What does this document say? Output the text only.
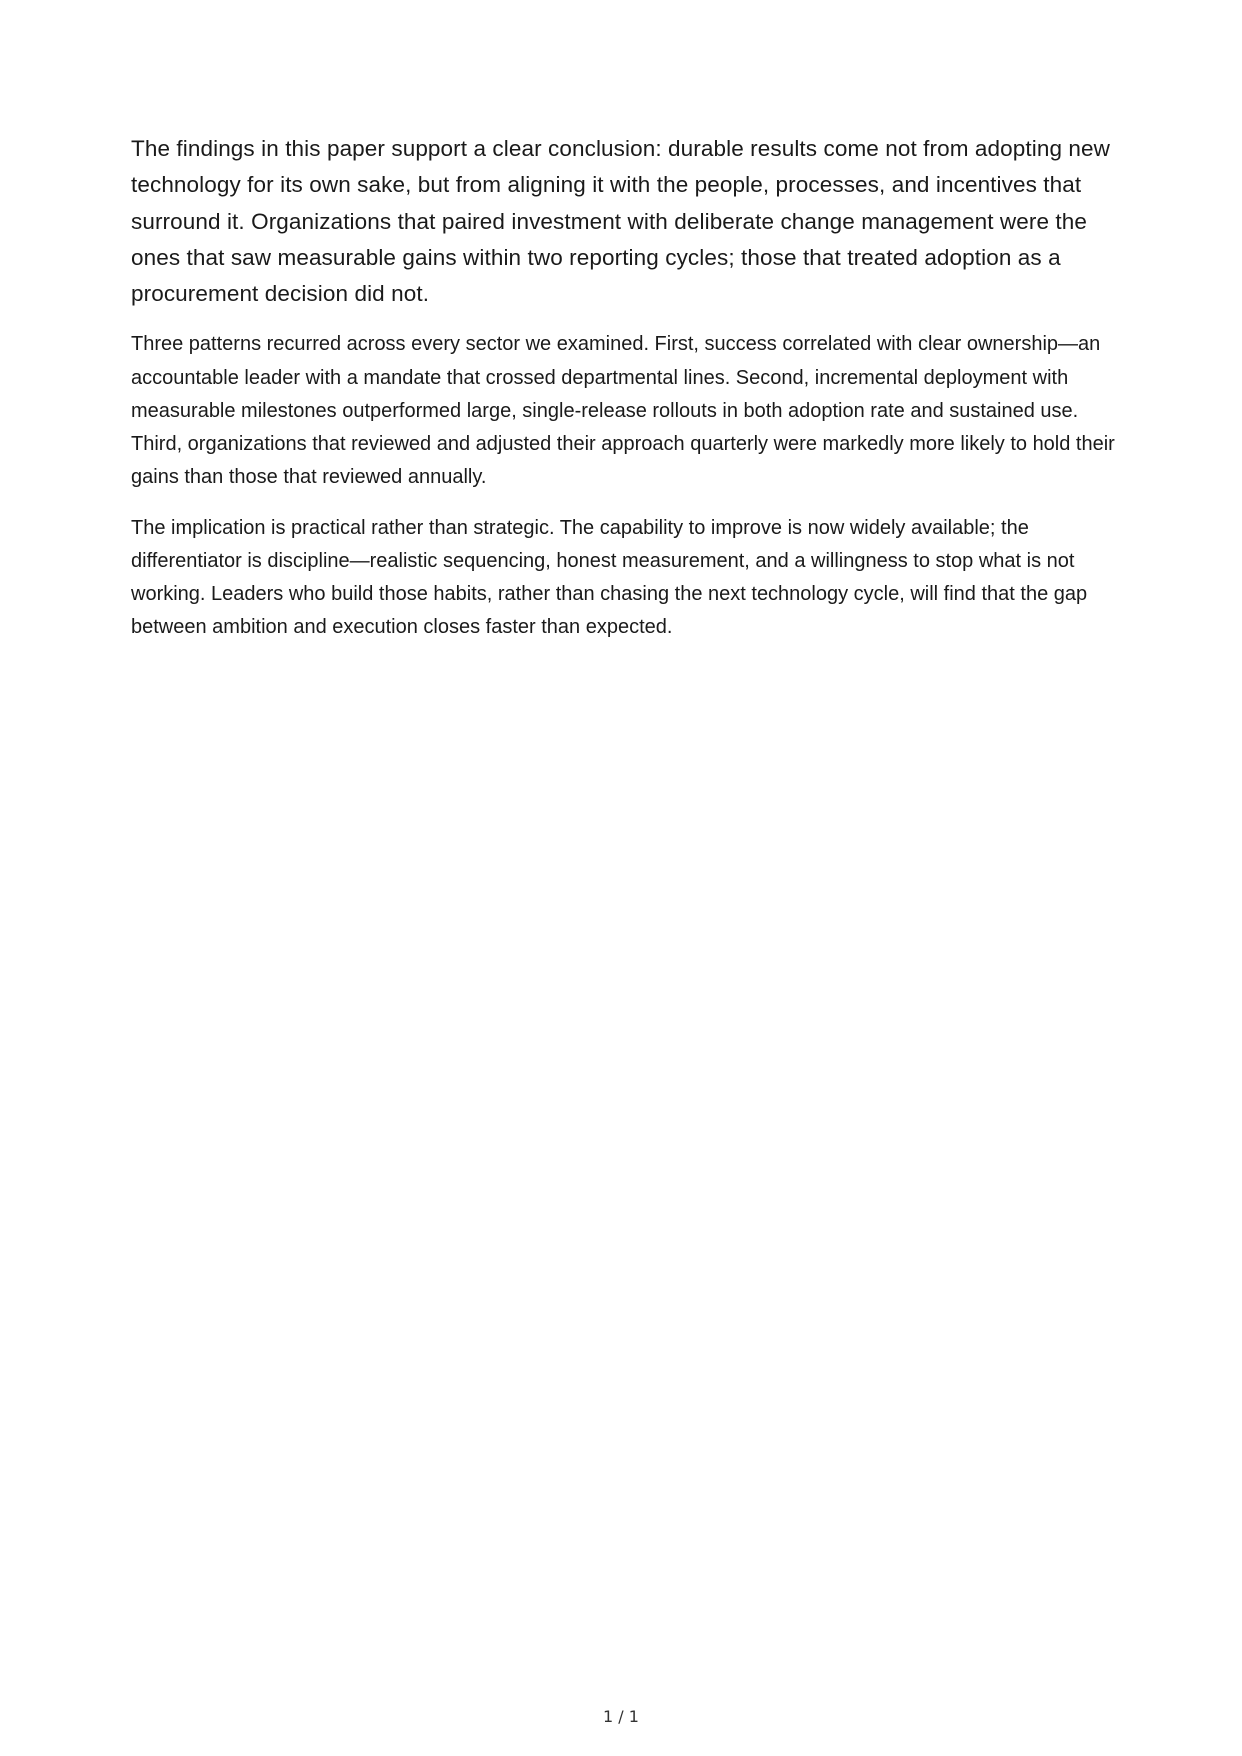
The findings in this paper support a clear conclusion: durable results come not from adopting new technology for its own sake, but from aligning it with the people, processes, and incentives that surround it. Organizations that paired investment with deliberate change management were the ones that saw measurable gains within two reporting cycles; those that treated adoption as a procurement decision did not.

Three patterns recurred across every sector we examined. First, success correlated with clear ownership—an accountable leader with a mandate that crossed departmental lines. Second, incremental deployment with measurable milestones outperformed large, single-release rollouts in both adoption rate and sustained use. Third, organizations that reviewed and adjusted their approach quarterly were markedly more likely to hold their gains than those that reviewed annually.

The implication is practical rather than strategic. The capability to improve is now widely available; the differentiator is discipline—realistic sequencing, honest measurement, and a willingness to stop what is not working. Leaders who build those habits, rather than chasing the next technology cycle, will find that the gap between ambition and execution closes faster than expected.

1 / 1
